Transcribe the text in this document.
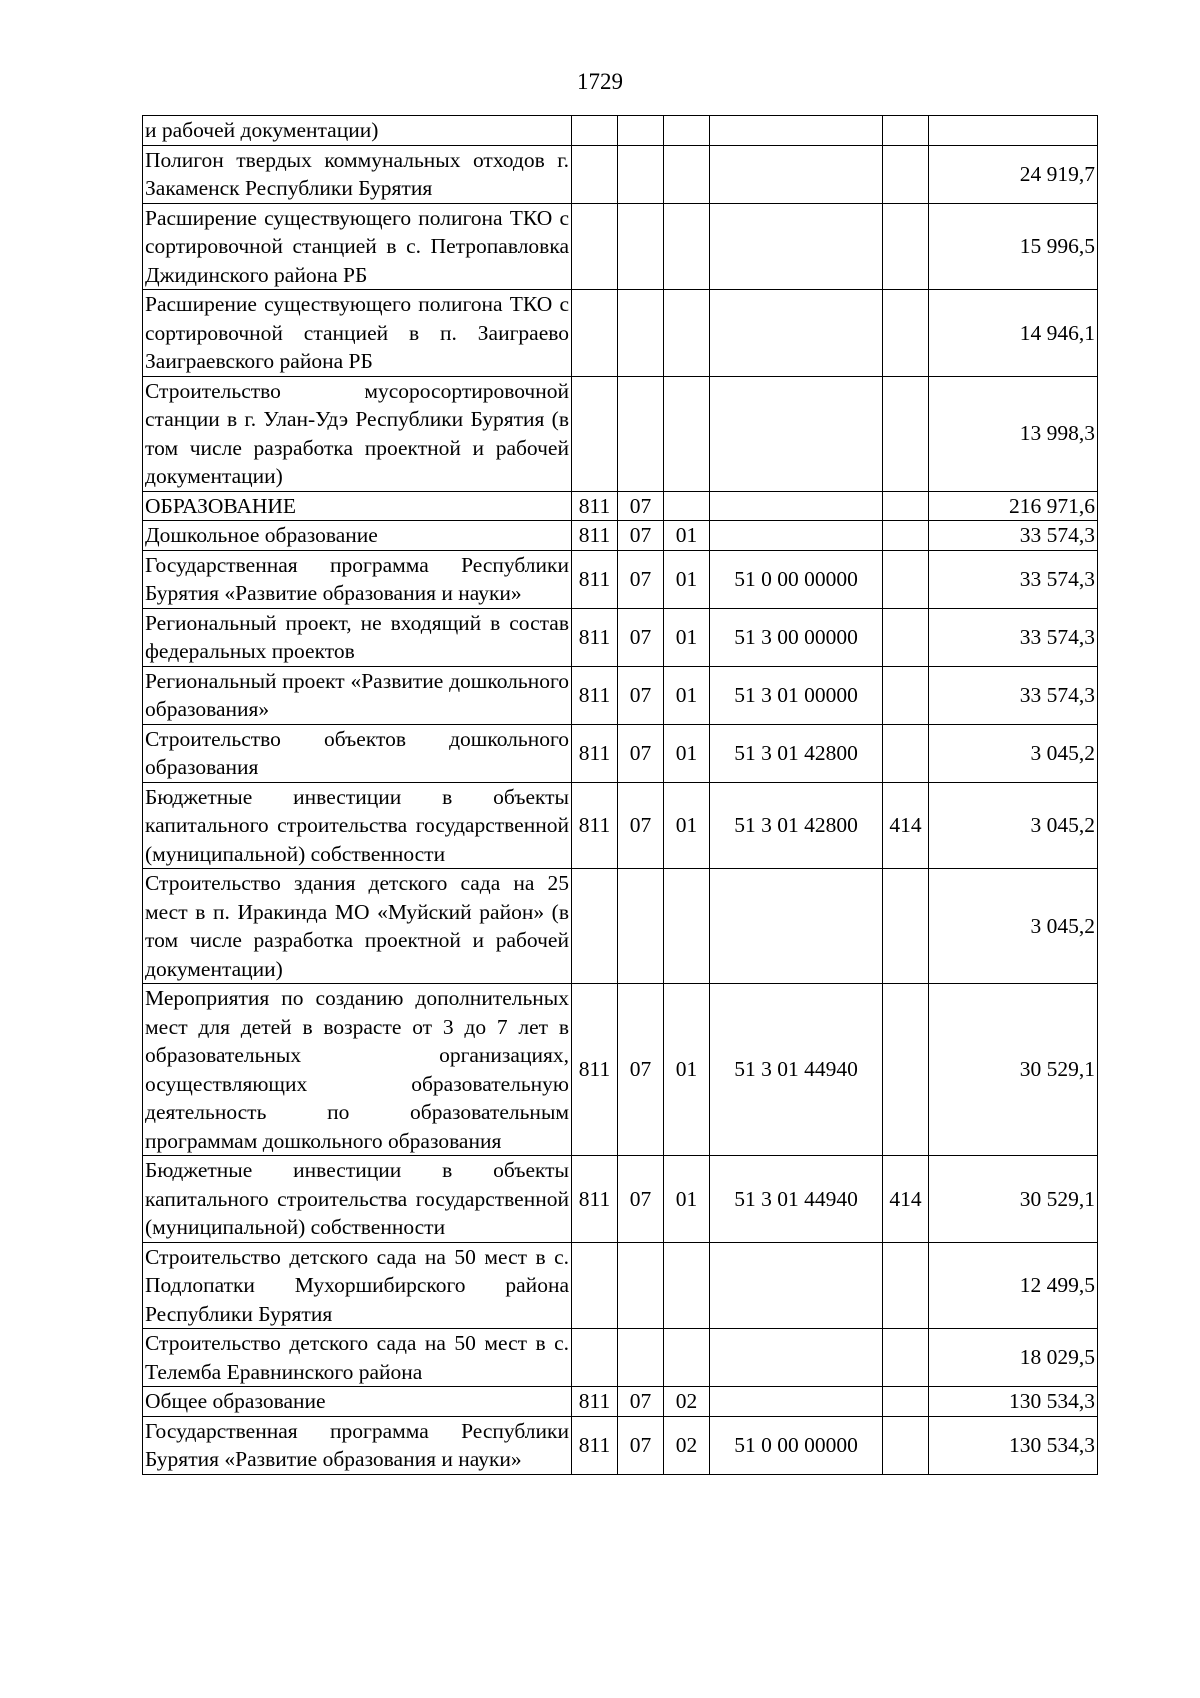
1729
и рабочей документации)						
Полигон твердых коммунальных отходов г. Закаменск Республики Бурятия						24 919,7
Расширение существующего полигона ТКО с сортировочной станцией в с. Петропавловка Джидинского района РБ						15 996,5
Расширение существующего полигона ТКО с сортировочной станцией в п. Заиграево Заиграевского района РБ						14 946,1
Строительство мусоросортировочной станции в г. Улан-Удэ Республики Бурятия (в том числе разработка проектной и рабочей документации)						13 998,3
ОБРАЗОВАНИЕ	811	07				216 971,6
Дошкольное образование	811	07	01			33 574,3
Государственная программа Республики Бурятия «Развитие образования и науки»	811	07	01	51 0 00 00000		33 574,3
Региональный проект, не входящий в состав федеральных проектов	811	07	01	51 3 00 00000		33 574,3
Региональный проект «Развитие дошкольного образования»	811	07	01	51 3 01 00000		33 574,3
Строительство объектов дошкольного образования	811	07	01	51 3 01 42800		3 045,2
Бюджетные инвестиции в объекты капитального строительства государственной (муниципальной) собственности	811	07	01	51 3 01 42800	414	3 045,2
Строительство здания детского сада на 25 мест в п. Иракинда МО «Муйский район» (в том числе разработка проектной и рабочей документации)						3 045,2
Мероприятия по созданию дополнительных мест для детей в возрасте от 3 до 7 лет в образовательных организациях, осуществляющих образовательную деятельность по образовательным программам дошкольного образования	811	07	01	51 3 01 44940		30 529,1
Бюджетные инвестиции в объекты капитального строительства государственной (муниципальной) собственности	811	07	01	51 3 01 44940	414	30 529,1
Строительство детского сада на 50 мест в с. Подлопатки Мухоршибирского района Республики Бурятия						12 499,5
Строительство детского сада на 50 мест в с. Телемба Еравнинского района						18 029,5
Общее образование	811	07	02			130 534,3
Государственная программа Республики Бурятия «Развитие образования и науки»	811	07	02	51 0 00 00000		130 534,3
